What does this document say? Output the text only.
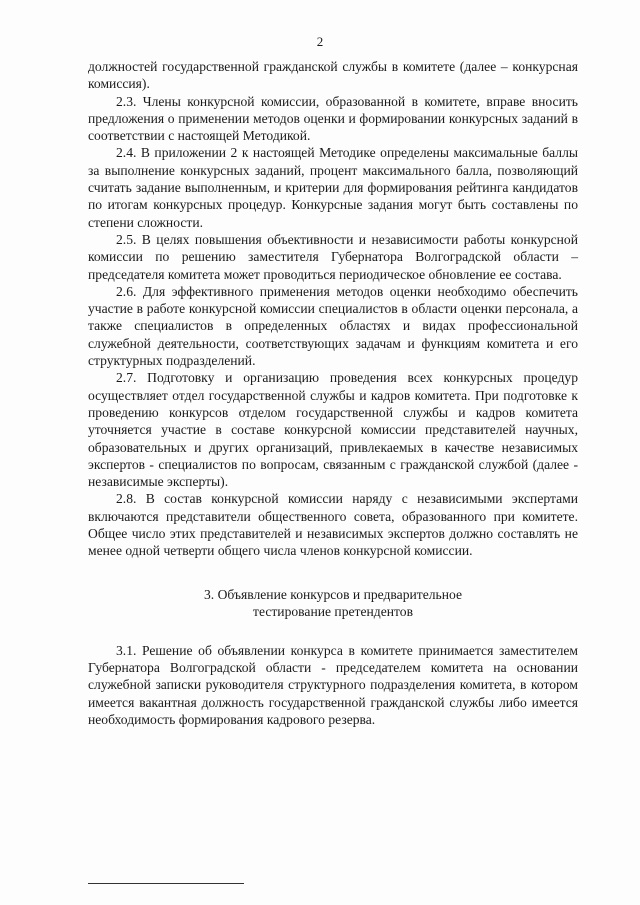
2

должностей государственной гражданской службы в комитете (далее – конкурсная комиссия).

2.3. Члены конкурсной комиссии, образованной в комитете, вправе вносить предложения о применении методов оценки и формировании конкурсных заданий в соответствии с настоящей Методикой.

2.4. В приложении 2 к настоящей Методике определены максимальные баллы за выполнение конкурсных заданий, процент максимального балла, позволяющий считать задание выполненным, и критерии для формирования рейтинга кандидатов по итогам конкурсных процедур. Конкурсные задания могут быть составлены по степени сложности.

2.5. В целях повышения объективности и независимости работы конкурсной комиссии по решению заместителя Губернатора Волгоградской области – председателя комитета может проводиться периодическое обновление ее состава.

2.6. Для эффективного применения методов оценки необходимо обеспечить участие в работе конкурсной комиссии специалистов в области оценки персонала, а также специалистов в определенных областях и видах профессиональной служебной деятельности, соответствующих задачам и функциям комитета и его структурных подразделений.

2.7. Подготовку и организацию проведения всех конкурсных процедур осуществляет отдел государственной службы и кадров комитета. При подготовке к проведению конкурсов отделом государственной службы и кадров комитета уточняется участие в составе конкурсной комиссии представителей научных, образовательных и других организаций, привлекаемых в качестве независимых экспертов - специалистов по вопросам, связанным с гражданской службой (далее - независимые эксперты).

2.8. В состав конкурсной комиссии наряду с независимыми экспертами включаются представители общественного совета, образованного при комитете. Общее число этих представителей и независимых экспертов должно составлять не менее одной четверти общего числа членов конкурсной комиссии.

3. Объявление конкурсов и предварительное
тестирование претендентов

3.1. Решение об объявлении конкурса в комитете принимается заместителем Губернатора Волгоградской области - председателем комитета на основании служебной записки руководителя структурного подразделения комитета, в котором имеется вакантная должность государственной гражданской службы либо имеется необходимость формирования кадрового резерва.
